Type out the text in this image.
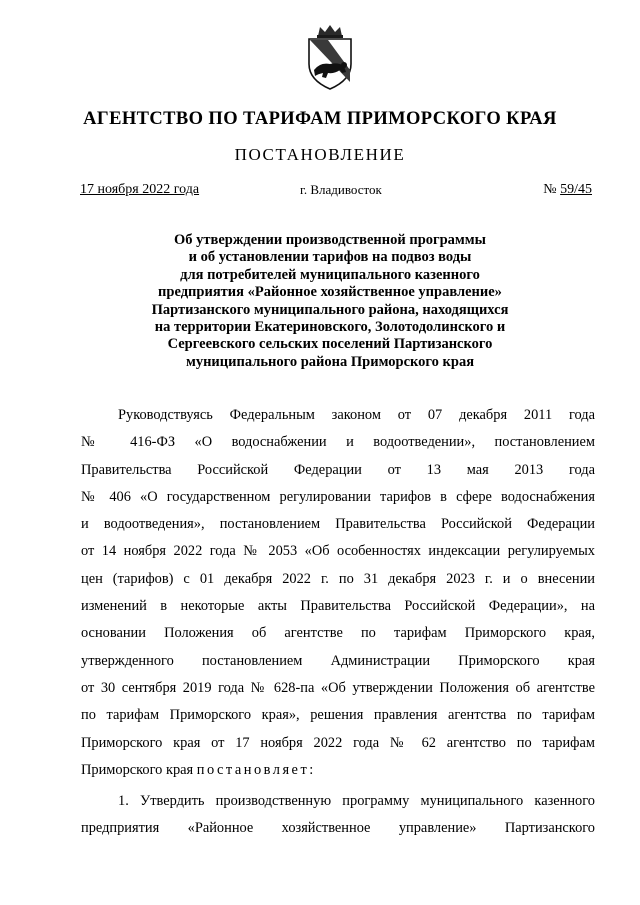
АГЕНТСТВО ПО ТАРИФАМ ПРИМОРСКОГО КРАЯ
ПОСТАНОВЛЕНИЕ
17 ноября 2022 года	г. Владивосток	№ 59/45
Об утверждении производственной программы
и об установлении тарифов на подвоз воды
для потребителей муниципального казенного
предприятия «Районное хозяйственное управление»
Партизанского муниципального района, находящихся
на территории Екатериновского, Золотодолинского и
Сергеевского сельских поселений Партизанского
муниципального района Приморского края
Руководствуясь Федеральным законом от 07 декабря 2011 года
№ 416-ФЗ «О водоснабжении и водоотведении», постановлением
Правительства Российской Федерации от 13 мая 2013 года
№ 406 «О государственном регулировании тарифов в сфере водоснабжения
и водоотведения», постановлением Правительства Российской Федерации
от 14 ноября 2022 года № 2053 «Об особенностях индексации регулируемых
цен (тарифов) с 01 декабря 2022 г. по 31 декабря 2023 г. и о внесении
изменений в некоторые акты Правительства Российской Федерации», на
основании Положения об агентстве по тарифам Приморского края,
утвержденного постановлением Администрации Приморского края
от 30 сентября 2019 года № 628-па «Об утверждении Положения об агентстве
по тарифам Приморского края», решения правления агентства по тарифам
Приморского края от 17 ноября 2022 года № 62 агентство по тарифам
Приморского края постановляет:
1. Утвердить производственную программу муниципального казенного
предприятия «Районное хозяйственное управление» Партизанского
